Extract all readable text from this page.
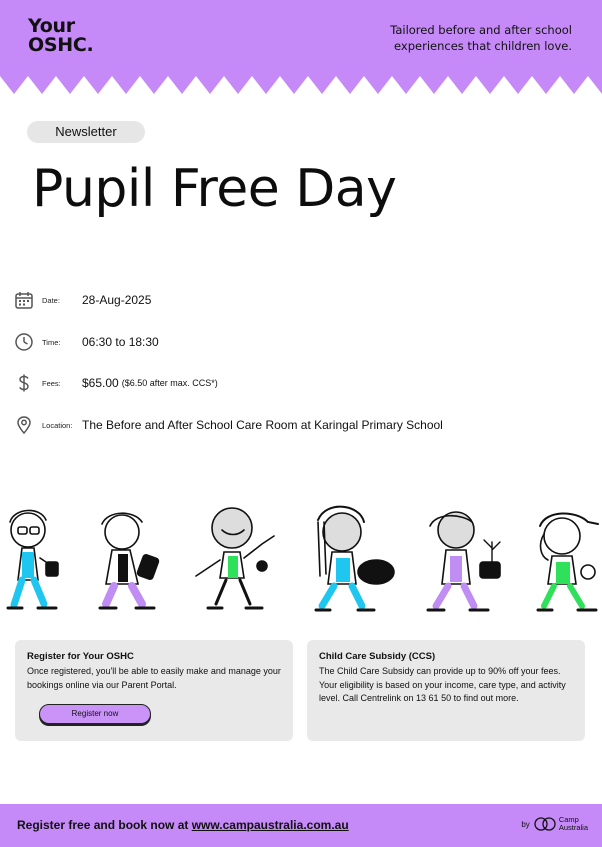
Your
OSHC.
Tailored before and after school
experiences that children love.
Newsletter
Pupil Free Day
Date:	28-Aug-2025
Time:	06:30 to 18:30
Fees:	$65.00 ($6.50 after max. CCS*)
Location: The Before and After School Care Room at Karingal Primary School
Register for Your OSHC

Once registered, you'll be able to easily make and manage your bookings online via our Parent Portal.

Register now
Child Care Subsidy (CCS)

The Child Care Subsidy can provide up to 90% off your fees. Your eligibility is based on your income, care type, and activity level. Call Centrelink on 13 61 50 to find out more.

Register free and book now at www.campaustralia.com.au	by	Camp
Australia
